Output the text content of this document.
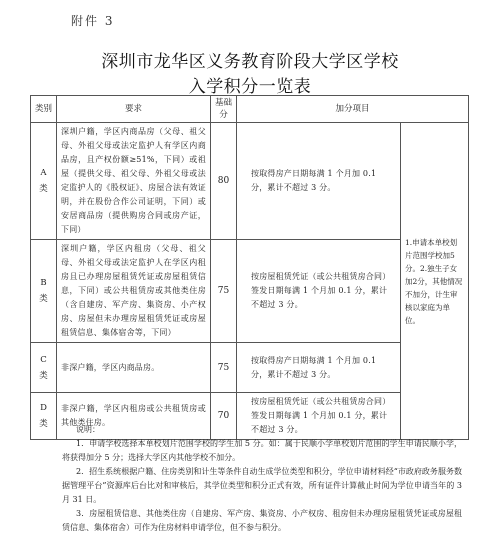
附件 3
深圳市龙华区义务教育阶段大学区学校
入学积分一览表
类别	要求	基础分	加分项目	

A
类	深圳户籍，学区内商品房（父母、祖父母、外祖父母或法定监护人有学区内商品房，且产权份额≥51%，下同）或祖屋（提供父母、祖父母、外祖父母或法定监护人的《股权证》、房屋合法有效证明，并在股份合作公司证明，下同）或安居商品房（提供购房合同或房产证，下同）	80	按取得房产日期每满 1 个月加 0.1 分，累计不超过 3 分。	1.申请本单校划片范围学校加5分。2.独生子女加2分，其他情况不加分，计生审核以家庭为单位。

B
类	深圳户籍，学区内租房（父母、祖父母、外祖父母或法定监护人在学区内租房且已办理房屋租赁凭证或房屋租赁信息，下同）或公共租赁房或其他类住房（含自建房、军产房、集资房、小产权房、房屋但未办理房屋租赁凭证或房屋租赁信息、集体宿舍等，下同）	75	按房屋租赁凭证（或公共租赁房合同）签发日期每满 1 个月加 0.1 分，累计不超过 3 分。	

C
类	非深户籍，学区内商品房。	75	按取得房产日期每满 1 个月加 0.1 分，累计不超过 3 分。	

D
类	非深户籍，学区内租房或公共租赁房或其他类住房。	70	按房屋租赁凭证（或公共租赁房合同）签发日期每满 1 个月加 0.1 分，累计不超过 3 分。	
说明：

1．申请学校选择本单校划片范围学校的学生加 5 分。如：属于民顺小学单校划片范围的学生申请民顺小学，将获得加分 5 分；选择大学区内其他学校不加分。

2．招生系统根据户籍、住房类别和计生等条件自动生成学位类型和积分，学位申请材料经“市政府政务服务数据管理平台”资源库后台比对和审核后，其学位类型和积分正式有效，所有证件计算截止时间为学位申请当年的 3 月 31 日。

3．房屋租赁信息、其他类住房（自建房、军产房、集资房、小产权房、租房但未办理房屋租赁凭证或房屋租赁信息、集体宿舍）可作为住房材料申请学位，但不参与积分。
